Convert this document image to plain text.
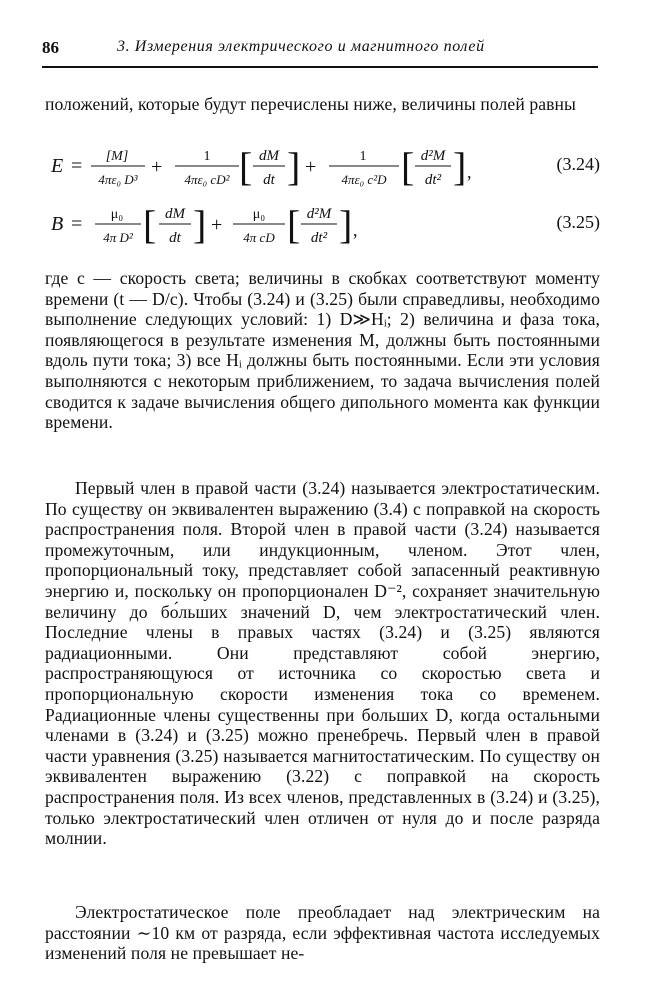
86	3. Измерения электрического и магнитного полей
положений, которые будут перечислены ниже, величины полей равны
E = [M]
4πε₀ D³
+	1
4πε₀ cD² [ dM
dt ] +	1
4πε₀ c²D [ d²M
dt² ] ,	(3.24)
B = μ₀
4π D² [ dM
dt ] + μ₀
4π cD [ d²M
dt² ] ,	(3.25)
где c — скорость света; величины в скобках соответствуют моменту времени (t — D/c). Чтобы (3.24) и (3.25) были справедливы, необходимо выполнение следующих условий: 1) D≫Hᵢ; 2) величина и фаза тока, появляющегося в результате изменения M, должны быть постоянными вдоль пути тока; 3) все Hᵢ должны быть постоянными. Если эти условия выполняются с некоторым приближением, то задача вычисления полей сводится к задаче вычисления общего дипольного момента как функции времени.
Первый член в правой части (3.24) называется электростатическим. По существу он эквивалентен выражению (3.4) с поправкой на скорость распространения поля. Второй член в правой части (3.24) называется промежуточным, или индукционным, членом. Этот член, пропорциональный току, представляет собой запасенный реактивную энергию и, поскольку он пропорционален D⁻², сохраняет значительную величину до бо́льших значений D, чем электростатический член. Последние члены в правых частях (3.24) и (3.25) являются радиационными. Они представляют собой энергию, распространяющуюся от источника со скоростью света и пропорциональную скорости изменения тока со временем. Радиационные члены существенны при больших D, когда остальными членами в (3.24) и (3.25) можно пренебречь. Первый член в правой части уравнения (3.25) называется магнитостатическим. По существу он эквивалентен выражению (3.22) с поправкой на скорость распространения поля. Из всех членов, представленных в (3.24) и (3.25), только электростатический член отличен от нуля до и после разряда молнии.
Электростатическое поле преобладает над электрическим на расстоянии ∼10 км от разряда, если эффективная частота исследуемых изменений поля не превышает не-
